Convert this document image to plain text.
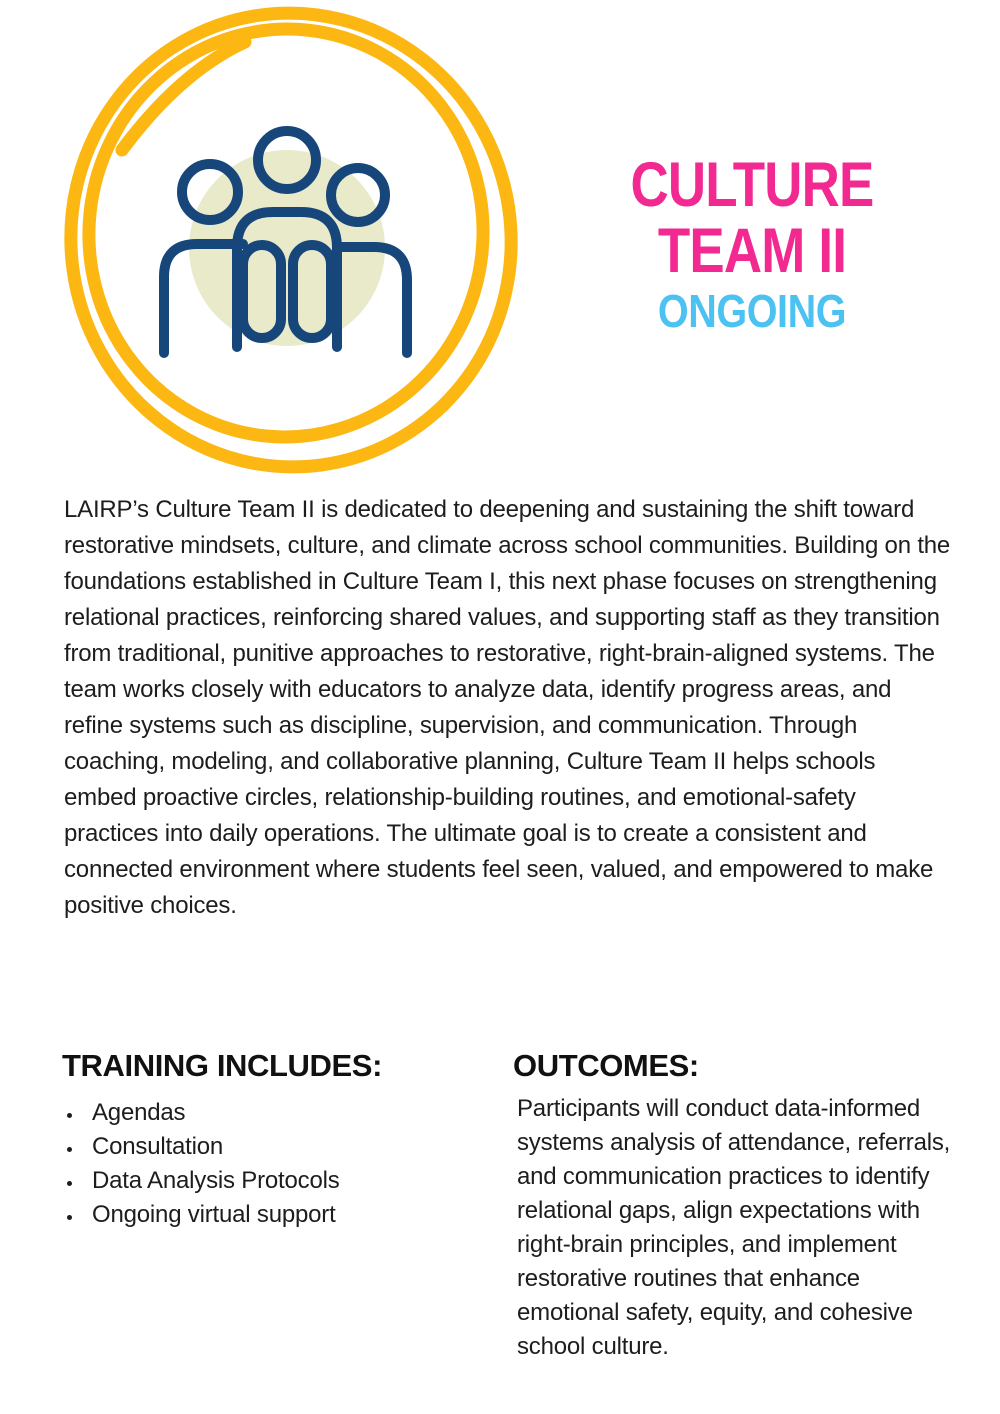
CULTURE
TEAM II
ONGOING
LAIRP’s Culture Team II is dedicated to deepening and sustaining the shift toward restorative mindsets, culture, and climate across school communities. Building on the foundations established in Culture Team I, this next phase focuses on strengthening relational practices, reinforcing shared values, and supporting staff as they transition from traditional, punitive approaches to restorative, right-brain-aligned systems. The team works closely with educators to analyze data, identify progress areas, and refine systems such as discipline, supervision, and communication. Through coaching, modeling, and collaborative planning, Culture Team II helps schools embed proactive circles, relationship-building routines, and emotional-safety practices into daily operations. The ultimate goal is to create a consistent and connected environment where students feel seen, valued, and empowered to make positive choices.
TRAINING INCLUDES:
• Agendas
• Consultation
• Data Analysis Protocols
• Ongoing virtual support
OUTCOMES:
Participants will conduct data-informed systems analysis of attendance, referrals, and communication practices to identify relational gaps, align expectations with right-brain principles, and implement restorative routines that enhance emotional safety, equity, and cohesive school culture.
